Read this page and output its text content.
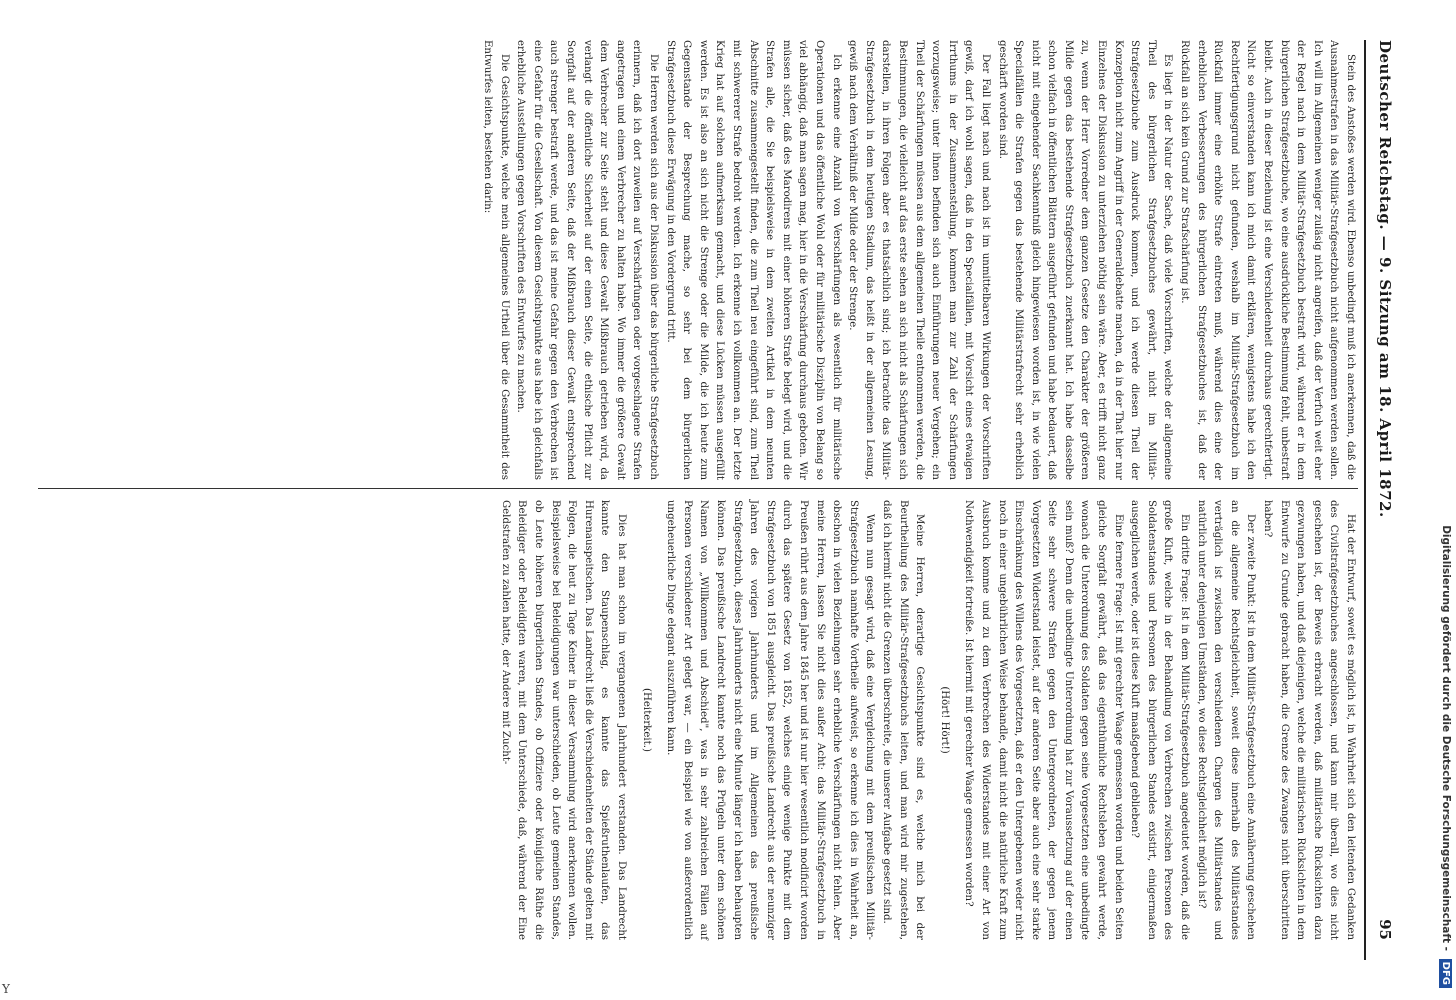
Deutscher Reichstag. — 9. Sitzung am 18. April 1872.
95

Stein des Anstoßes werden wird. Ebenso unbedingt muß ich anerkennen, daß die Ausnahmestrafen in das Militär-Strafgesetzbuch nicht aufgenommen werden sollen. Ich will im Allgemeinen weniger zuläsig nicht angreifen, daß der Verfuch weit eher der Regel nach in dem Militär-Strafgesetzbuch bestraft wird, während er in dem bürgerlichen Strafgesetzbuche, wo eine ausdrückliche Bestimmung fehlt, unbestraft bleibt. Auch in dieser Beziehung ist eine Verschiedenheit durchaus gerechtfertigt. Nicht so einverstanden kann ich mich damit erklären, wenigstens habe ich den Rechtfertigungsgrund nicht gefunden, weshalb im Militär-Strafgesetzbuch im Rückfall immer eine erhöhte Strafe eintreten muß, während dies eine der erheblichen Verbesserungen des bürgerlichen Strafgesetzbuches ist, daß der Rückfall an sich kein Grund zur Strafschärfung ist.

Es liegt in der Natur der Sache, daß viele Vorschriften, welche der allgemeine Theil des bürgerlichen Strafgesetzbuches gewährt, nicht im Militär-Strafgesetzbuche zum Ausdruck kommen, und ich werde diesen Theil der Konzeption nicht zum Angriff in der Generaldebatte machen, da in der That hier nur Einzelnes der Diskussion zu unterziehen nöthig sein wäre. Aber, es trifft nicht ganz zu, wenn der Herr Vorredner dem ganzen Gesetze den Charakter der größeren Milde gegen das bestehende Strafgesetzbuch zuerkannt hat. Ich habe dasselbe schon vielfach in öffentlichen Blättern ausgeführt gefunden und habe bedauert, daß nicht mit eingehender Sachkenntniß gleich hingewiesen worden ist, in wie vielen Specialfällen die Strafen gegen das bestehende Militärstrafrecht sehr erheblich geschärft worden sind.

Der Fall liegt nach und nach ist im unmittelbaren Wirkungen der Vorschriften gewiß, darf ich wohl sagen, daß in den Specialfällen, mit Vorsicht eines etwaigen Irrthums in der Zusammenstellung, kommen man zur Zahl der Schärfungen vorzugsweise; unter ihnen befinden sich auch Einführungen neuer Vergehen; ein Theil der Schärfungen müssen aus dem allgemeinen Theile entnommen werden, die Bestimmungen, die vielleicht auf das erste sehen an sich nicht als Schärfungen sich darstellen, in ihren Folgen aber es thatsächlich sind; ich betrachte das Militär-Strafgesetzbuch in dem heutigen Stadium, das heißt in der allgemeinen Lesung, gewiß nach dem Verhältniß der Milde oder der Strenge.

Ich erkenne eine Anzahl von Verschärfungen als wesentlich für militärische Operationen und das öffentliche Wohl oder für militärische Disziplin von Belang so viel abhängig, daß man sagen mag, hier in die Verschärfung durchaus geboten. Wir müssen sicher, daß des Marodirens mit einer höheren Strafe belegt wird, und die Strafen alle, die Sie beispielsweise in dem zweiten Artikel in dem neunten Abschnitte zusammengestellt finden, die zum Theil neu eingeführt sind, zum Theil mit schwererer Strafe bedroht werden. Ich erkenne ich vollkommen an. Der letzte Krieg hat auf solchen aufmerksam gemacht, und diese Lücken müssen ausgefüllt werden. Es ist also an sich nicht die Strenge oder die Milde, die ich heute zum Gegenstande der Besprechung mache, so sehr bei dem bürgerlichen Strafgesetzbuch diese Erwägung in den Vordergrund tritt.

Die Herren werden sich aus der Diskussion über das bürgerliche Strafgesetzbuch erinnern, daß ich dort zuweilen auf Verschärfungen oder vorgeschlagene Strafen angetragen und einem Verbrecher zu halten habe. Wo immer die größere Gewalt dem Verbrecher zur Seite steht und diese Gewalt Mißbrauch getrieben wird, da verlangt die öffentliche Sicherheit auf der einen Seite, die ethische Pflicht zur Sorgfalt auf der anderen Seite, daß der Mißbrauch dieser Gewalt entsprechend auch strenger bestraft werde, und das ist meine Gefahr gegen den Verbrechen ist eine Gefahr für die Gesellschaft. Von diesem Gesichtspunkte aus habe ich gleichfalls erhebliche Ausstellungen gegen Vorschriften des Entwurfes zu machen.

Die Gesichtspunkte, welche mein allgemeines Urtheil über die Gesammtheit des Entwurfes leiten, bestehen darin:

Hat der Entwurf, soweit es möglich ist, in Wahrheit sich den leitenden Gedanken des Civilstrafgesetzbuches angeschlossen, und kann mir überall, wo dies nicht geschehen ist, der Beweis erbracht werden, daß militärische Rücksichten dazu gezwungen haben, und daß diejenigen, welche die militärischen Rücksichten in dem Entwurfe zu Grunde gebracht haben, die Grenze des Zwanges nicht überschritten haben?

Der zweite Punkt: Ist in dem Militär-Strafgesetzbuch eine Annäherung geschehen an die allgemeine Rechtsgleichheit, soweit diese innerhalb des Militärstandes verträglich ist zwischen den verschiedenen Chargen des Militärstandes und natürlich unter denjenigen Umständen, wo diese Rechtsgleichheit möglich ist?

Ein dritte Frage: Ist in dem Militär-Strafgesetzbuch angedeutet worden, daß die große Kluft, welche in der Behandlung von Verbrechen zwischen Personen des Soldatenstandes und Personen des bürgerlichen Standes existirt, einigermaßen ausgeglichen werde, oder ist diese Kluft maaßgebend geblieben?

Eine fernere Frage: Ist mit gerechter Waage gemessen worden und beiden Seiten gleiche Sorgfalt gewährt, daß das eigenthümliche Rechtsleben gewahrt werde, wonach die Unterordnung des Soldaten gegen seine Vorgesetzten eine unbedingte sein muß? Denn die unbedingte Unterordnung hat zur Voraussetzung auf der einen Seite sehr schwere Strafen gegen den Untergeordneten, der gegen jenem Vorgesetzten Widerstand leistet, auf der anderen Seite aber auch eine sehr starke Einschränkung des Willens des Vorgesetzten, daß er den Untergebenen weder nicht noch in einer ungebührlichen Weise behandle, damit nicht die natürliche Kraft zum Ausbruch komme und zu dem Verbrechen des Widerstandes mit einer Art von Nothwendigkeit fortreiße. Ist hiermit mit gerechter Waage gemessen worden?

(Hört! Hört!)

Meine Herren, derartige Gesichtspunkte sind es, welche mich bei der Beurtheilung des Militär-Strafgesetzbuchs leiten, und man wird mir zugestehen, daß ich hiermit nicht die Grenzen überschreite, die unserer Aufgabe gesetzt sind.

Wenn nun gesagt wird, daß eine Vergleichung mit dem preußischen Militär-Strafgesetzbuch namhafte Vortheile aufweist, so erkenne ich dies in Wahrheit an, obschon in vielen Beziehungen sehr erhebliche Verschärfungen nicht fehlen. Aber meine Herren, lassen Sie nicht dies außer Acht: das Militär-Strafgesetzbuch in Preußen rührt aus dem Jahre 1845 her und ist nur hier wesentlich modificirt worden durch das spätere Gesetz von 1852, welches einige wenige Punkte mit dem Strafgesetzbuch von 1851 ausgleicht. Das preußische Landrecht aus der neunziger Jahren des vorigen Jahrhunderts und im Allgemeinen das preußische Strafgesetzbuch, dieses Jahrhunderts nicht eine Minute länger ich haben behaupten können. Das preußische Landrecht kannte noch das Prügeln unter dem schönen Namen von „Willkommen und Abschied", was in sehr zahlreichen Fällen auf Personen verschiedener Art gelegt war, — ein Beispiel wie von außerordentlich ungeheuerliche Dinge elegant auszuführen kann.

(Heiterkeit.)

Dies hat man schon im vergangenen Jahrhundert verstanden. Das Landrecht kannte den Staupenschlag, es kannte das Spießruthenlaufen, das Hurenauspeitschen. Das Landrecht ließ die Verschiedenheiten der Stände gelten mit Folgen, die heut zu Tage Keiner in dieser Versammlung wird anerkennen wollen. Beispielsweise bei Beleidigungen war unterschieden, ob Leute gemeinen Standes, ob Leute höheren bürgerlichen Standes, ob Offiziere oder königliche Räthe die Beleidiger oder Beleidigten waren, mit dem Unterschiede, daß, während der Eine Geldstrafen zu zahlen hatte, der Andere mit Zucht-

Y
Digitalisierung gefördert durch die Deutsche Forschungsgemeinschaft - DFG
